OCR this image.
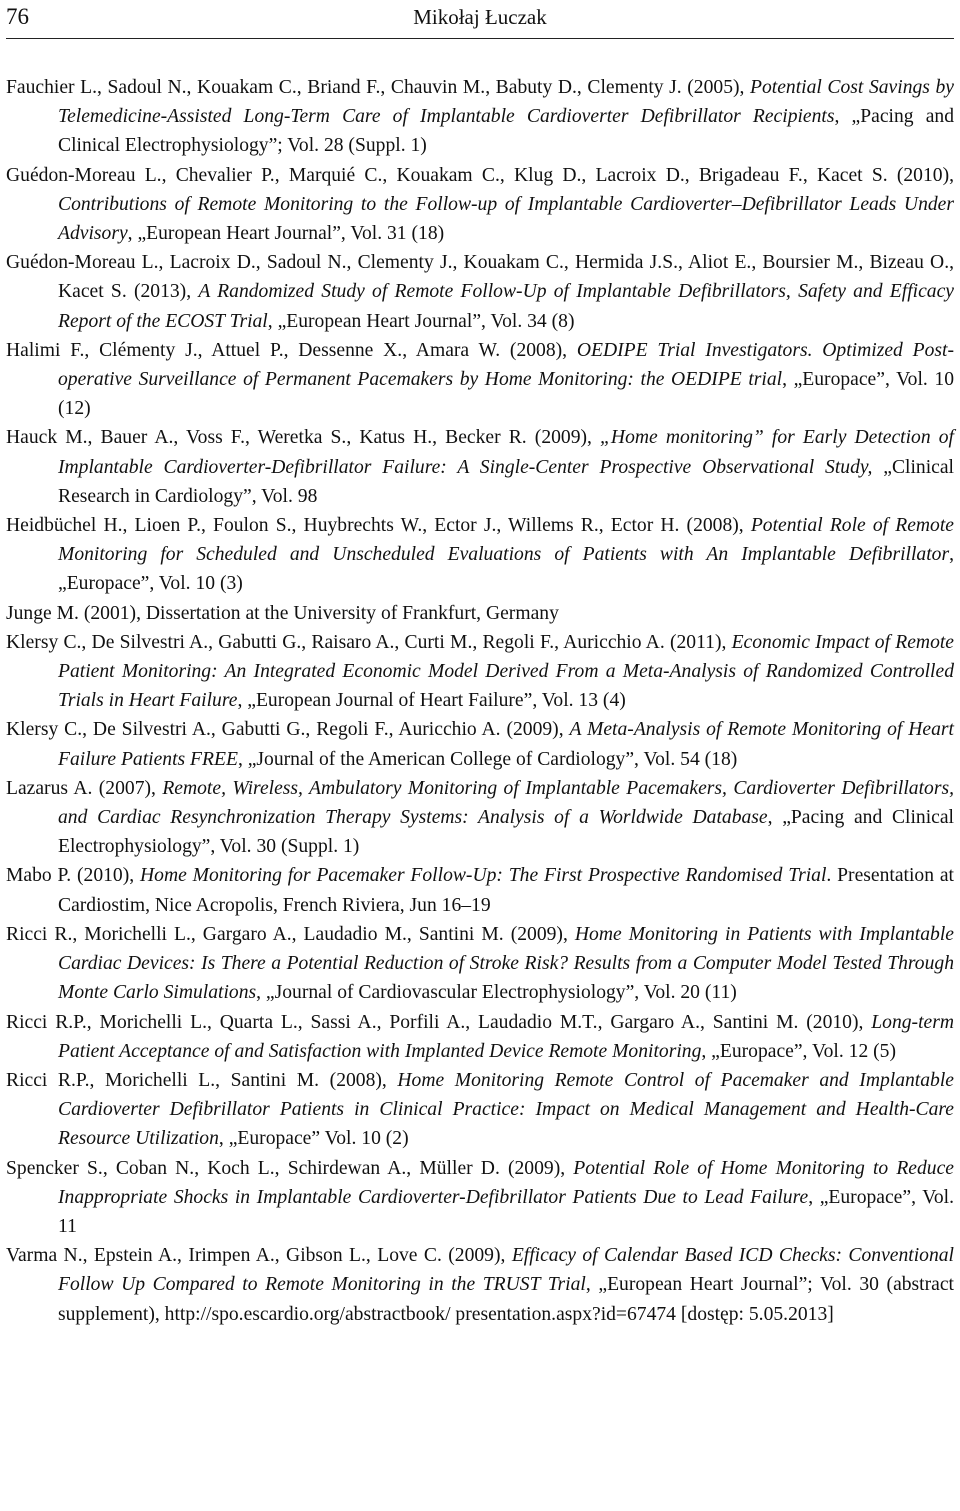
76	Mikołaj Łuczak

Fauchier L., Sadoul N., Kouakam C., Briand F., Chauvin M., Babuty D., Clementy J. (2005), Potential Cost Savings by Telemedicine-Assisted Long-Term Care of Implantable Cardioverter Defibrillator Recipients, „Pacing and Clinical Electrophysiology”; Vol. 28 (Suppl. 1)

Guédon-Moreau L., Chevalier P., Marquié C., Kouakam C., Klug D., Lacroix D., Brigadeau F., Kacet S. (2010), Contributions of Remote Monitoring to the Follow-up of Implantable Cardioverter–Defibrillator Leads Under Advisory, „European Heart Journal”, Vol. 31 (18)

Guédon-Moreau L., Lacroix D., Sadoul N., Clementy J., Kouakam C., Hermida J.S., Aliot E., Boursier M., Bizeau O., Kacet S. (2013), A Randomized Study of Remote Follow-Up of Implantable Defibrillators, Safety and Efficacy Report of the ECOST Trial, „European Heart Journal”, Vol. 34 (8)

Halimi F., Clémenty J., Attuel P., Dessenne X., Amara W. (2008), OEDIPE Trial Investigators. Optimized Post-operative Surveillance of Permanent Pacemakers by Home Monitoring: the OEDIPE trial, „Europace”, Vol. 10 (12)

Hauck M., Bauer A., Voss F., Weretka S., Katus H., Becker R. (2009), „Home monitoring” for Early Detection of Implantable Cardioverter-Defibrillator Failure: A Single-Center Prospective Observational Study, „Clinical Research in Cardiology”, Vol. 98

Heidbüchel H., Lioen P., Foulon S., Huybrechts W., Ector J., Willems R., Ector H. (2008), Potential Role of Remote Monitoring for Scheduled and Unscheduled Evaluations of Patients with An Implantable Defibrillator, „Europace”, Vol. 10 (3)

Junge M. (2001), Dissertation at the University of Frankfurt, Germany

Klersy C., De Silvestri A., Gabutti G., Raisaro A., Curti M., Regoli F., Auricchio A. (2011), Economic Impact of Remote Patient Monitoring: An Integrated Economic Model Derived From a Meta-Analysis of Randomized Controlled Trials in Heart Failure, „European Journal of Heart Failure”, Vol. 13 (4)

Klersy C., De Silvestri A., Gabutti G., Regoli F., Auricchio A. (2009), A Meta-Analysis of Remote Monitoring of Heart Failure Patients FREE, „Journal of the American College of Cardiology”, Vol. 54 (18)

Lazarus A. (2007), Remote, Wireless, Ambulatory Monitoring of Implantable Pacemakers, Cardioverter Defibrillators, and Cardiac Resynchronization Therapy Systems: Analysis of a Worldwide Database, „Pacing and Clinical Electrophysiology”, Vol. 30 (Suppl. 1)

Mabo P. (2010), Home Monitoring for Pacemaker Follow-Up: The First Prospective Randomised Trial. Presentation at Cardiostim, Nice Acropolis, French Riviera, Jun 16–19

Ricci R., Morichelli L., Gargaro A., Laudadio M., Santini M. (2009), Home Monitoring in Patients with Implantable Cardiac Devices: Is There a Potential Reduction of Stroke Risk? Results from a Computer Model Tested Through Monte Carlo Simulations, „Journal of Cardiovascular Electrophysiology”, Vol. 20 (11)

Ricci R.P., Morichelli L., Quarta L., Sassi A., Porfili A., Laudadio M.T., Gargaro A., Santini M. (2010), Long-term Patient Acceptance of and Satisfaction with Implanted Device Remote Monitoring, „Europace”, Vol. 12 (5)

Ricci R.P., Morichelli L., Santini M. (2008), Home Monitoring Remote Control of Pacemaker and Implantable Cardioverter Defibrillator Patients in Clinical Practice: Impact on Medical Management and Health-Care Resource Utilization, „Europace” Vol. 10 (2)

Spencker S., Coban N., Koch L., Schirdewan A., Müller D. (2009), Potential Role of Home Monitoring to Reduce Inappropriate Shocks in Implantable Cardioverter-Defibrillator Patients Due to Lead Failure, „Europace”, Vol. 11

Varma N., Epstein A., Irimpen A., Gibson L., Love C. (2009), Efficacy of Calendar Based ICD Checks: Conventional Follow Up Compared to Remote Monitoring in the TRUST Trial, „European Heart Journal”; Vol. 30 (abstract supplement), http://spo.escardio.org/abstractbook/ presentation.aspx?id=67474 [dostęp: 5.05.2013]
